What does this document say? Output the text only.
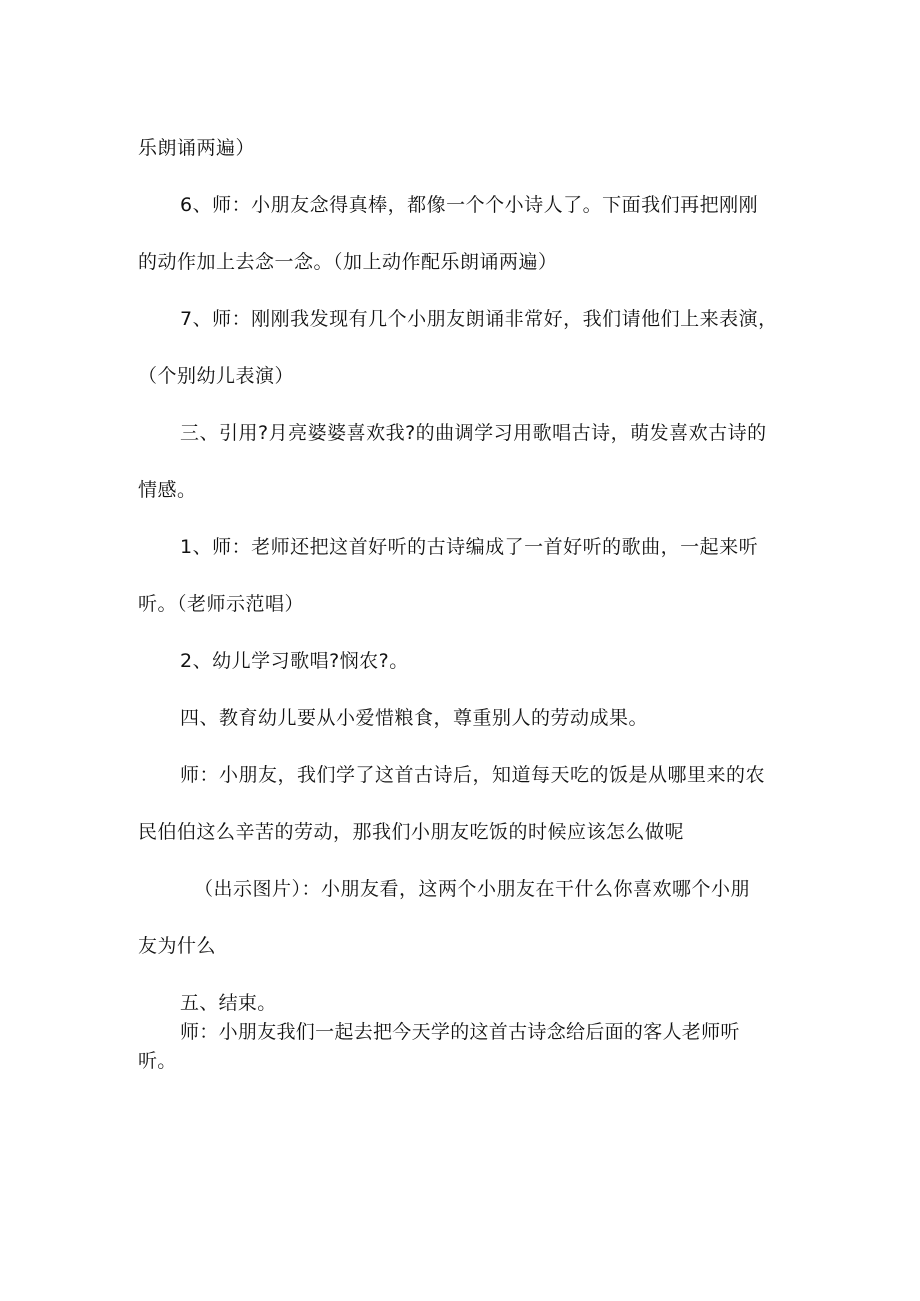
乐朗诵两遍）
6、师：小朋友念得真棒，都像一个个小诗人了。下面我们再把刚刚
的动作加上去念一念。（加上动作配乐朗诵两遍）
7、师：刚刚我发现有几个小朋友朗诵非常好，我们请他们上来表演，
（个别幼儿表演）
三、引用?月亮婆婆喜欢我?的曲调学习用歌唱古诗，萌发喜欢古诗的
情感。
1、师：老师还把这首好听的古诗编成了一首好听的歌曲，一起来听
听。（老师示范唱）
2、幼儿学习歌唱?悯农?。
四、教育幼儿要从小爱惜粮食，尊重别人的劳动成果。
师：小朋友，我们学了这首古诗后，知道每天吃的饭是从哪里来的农
民伯伯这么辛苦的劳动，那我们小朋友吃饭的时候应该怎么做呢
（出示图片）：小朋友看，这两个小朋友在干什么你喜欢哪个小朋
友为什么
五、结束。
师：小朋友我们一起去把今天学的这首古诗念给后面的客人老师听
听。
